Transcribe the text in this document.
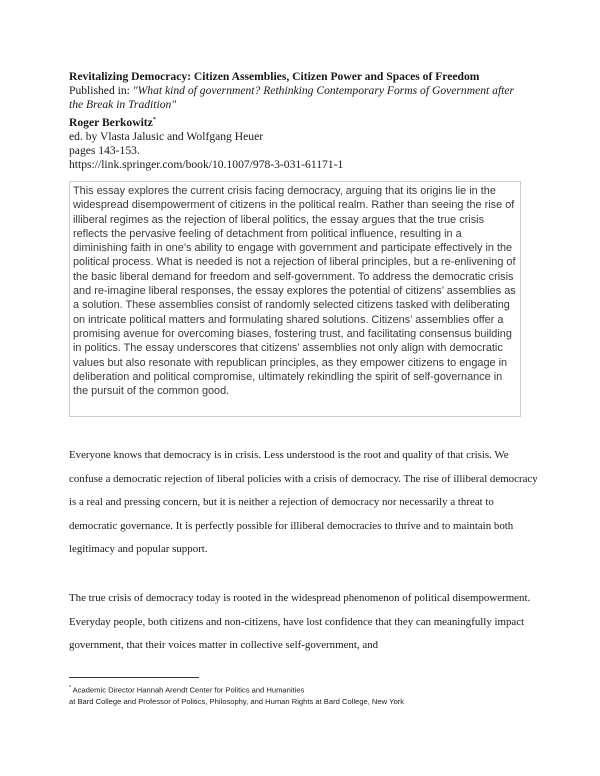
Revitalizing Democracy: Citizen Assemblies, Citizen Power and Spaces of Freedom
Published in: "What kind of government? Rethinking Contemporary Forms of Government after
the Break in Tradition"
Roger Berkowitz*
ed. by Vlasta Jalusic and Wolfgang Heuer
pages 143-153.
https://link.springer.com/book/10.1007/978-3-031-61171-1

This essay explores the current crisis facing democracy, arguing that its origins lie in the widespread disempowerment of citizens in the political realm. Rather than seeing the rise of illiberal regimes as the rejection of liberal politics, the essay argues that the true crisis reflects the pervasive feeling of detachment from political influence, resulting in a diminishing faith in one’s ability to engage with government and participate effectively in the political process. What is needed is not a rejection of liberal principles, but a re-enlivening of the basic liberal demand for freedom and self-government. To address the democratic crisis and re-imagine liberal responses, the essay explores the potential of citizens’ assemblies as a solution. These assemblies consist of randomly selected citizens tasked with deliberating on intricate political matters and formulating shared solutions. Citizens’ assemblies offer a promising avenue for overcoming biases, fostering trust, and facilitating consensus building in politics. The essay underscores that citizens’ assemblies not only align with democratic values but also resonate with republican principles, as they empower citizens to engage in deliberation and political compromise, ultimately rekindling the spirit of self-governance in the pursuit of the common good.

Everyone knows that democracy is in crisis. Less understood is the root and quality of that crisis. We confuse a democratic rejection of liberal policies with a crisis of democracy. The rise of illiberal democracy is a real and pressing concern, but it is neither a rejection of democracy nor necessarily a threat to democratic governance. It is perfectly possible for illiberal democracies to thrive and to maintain both legitimacy and popular support.

The true crisis of democracy today is rooted in the widespread phenomenon of political disempowerment. Everyday people, both citizens and non-citizens, have lost confidence that they can meaningfully impact government, that their voices matter in collective self-government, and

* Academic Director Hannah Arendt Center for Politics and Humanities
at Bard College and Professor of Politics, Philosophy, and Human Rights at Bard College, New York
